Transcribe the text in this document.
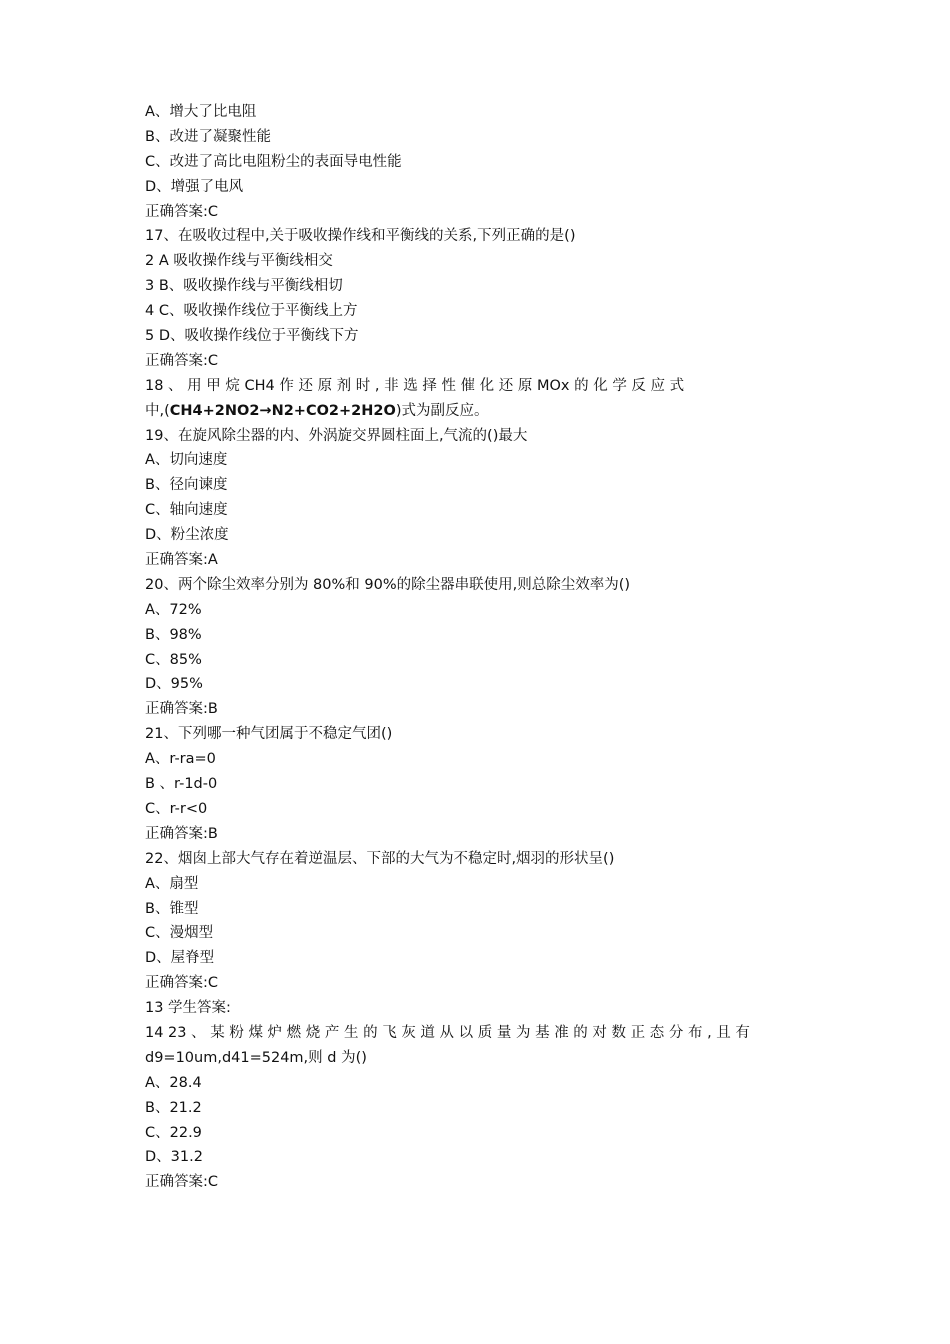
A、增大了比电阻
B、改进了凝聚性能
C、改进了高比电阻粉尘的表面导电性能
D、增强了电风
正确答案:C
17、在吸收过程中,关于吸收操作线和平衡线的关系,下列正确的是()
2 A 吸收操作线与平衡线相交
3 B、吸收操作线与平衡线相切
4 C、吸收操作线位于平衡线上方
5 D、吸收操作线位于平衡线下方
正确答案:C
18 、 用 甲 烷 CH4 作 还 原 剂 时 , 非 选 择 性 催 化 还 原 MOx 的 化 学 反 应 式
中,(CH4+2NO2→N2+CO2+2H2O)式为副反应。
19、在旋风除尘器的内、外涡旋交界圆柱面上,气流的()最大
A、切向速度
B、径向谏度
C、轴向速度
D、粉尘浓度
正确答案:A
20、两个除尘效率分别为 80%和 90%的除尘器串联使用,则总除尘效率为()
A、72%
B、98%
C、85%
D、95%
正确答案:B
21、下列哪一种气团属于不稳定气团()
A、r-ra=0
B 、r-1d-0
C、r-r<0
正确答案:B
22、烟囱上部大气存在着逆温层、下部的大气为不稳定时,烟羽的形状呈()
A、扇型
B、锥型
C、漫烟型
D、屋脊型
正确答案:C
13 学生答案:
14 23 、 某 粉 煤 炉 燃 烧 产 生 的 飞 灰 道 从 以 质 量 为 基 准 的 对 数 正 态 分 布 , 且 有
d9=10um,d41=524m,则 d 为()
A、28.4
B、21.2
C、22.9
D、31.2
正确答案:C
